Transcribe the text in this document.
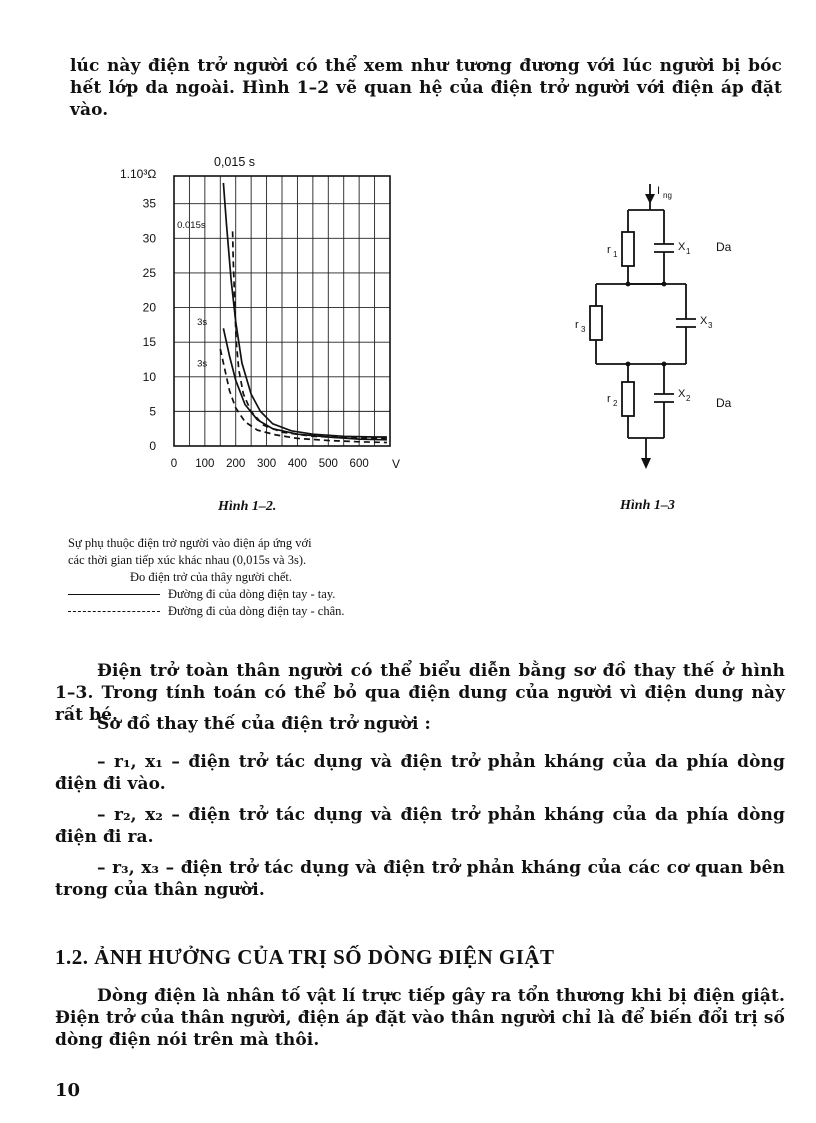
lúc này điện trở người có thể xem như tương đương với lúc người bị bóc hết lớp da ngoài. Hình 1–2 vẽ quan hệ của điện trở người với điện áp đặt vào.
0
5
10
15
20
25
30
35
0 100 200 300 400 500 600
0,015 s
1.10³Ω
V
0.015s
3s
3s
I ng
r 1
X 1 Da
r 3
X 3
r 2
X 2 Da
Hình 1–2.	Hình 1–3
Sự phụ thuộc điện trở người vào điện áp ứng với
các thời gian tiếp xúc khác nhau (0,015s và 3s).
Đo điện trở của thây người chết.
Đường đi của dòng điện tay - tay.
Đường đi của dòng điện tay - chân.
Điện trở toàn thân người có thể biểu diễn bằng sơ đồ thay thế ở hình 1–3. Trong tính toán có thể bỏ qua điện dung của người vì điện dung này rất bé.
Sơ đồ thay thế của điện trở người :
– r₁, x₁ – điện trở tác dụng và điện trở phản kháng của da phía dòng điện đi vào.
– r₂, x₂ – điện trở tác dụng và điện trở phản kháng của da phía dòng điện đi ra.
– r₃, x₃ – điện trở tác dụng và điện trở phản kháng của các cơ quan bên trong của thân người.
1.2. ẢNH HƯỞNG CỦA TRỊ SỐ DÒNG ĐIỆN GIẬT
Dòng điện là nhân tố vật lí trực tiếp gây ra tổn thương khi bị điện giật. Điện trở của thân người, điện áp đặt vào thân người chỉ là để biến đổi trị số dòng điện nói trên mà thôi.
10
